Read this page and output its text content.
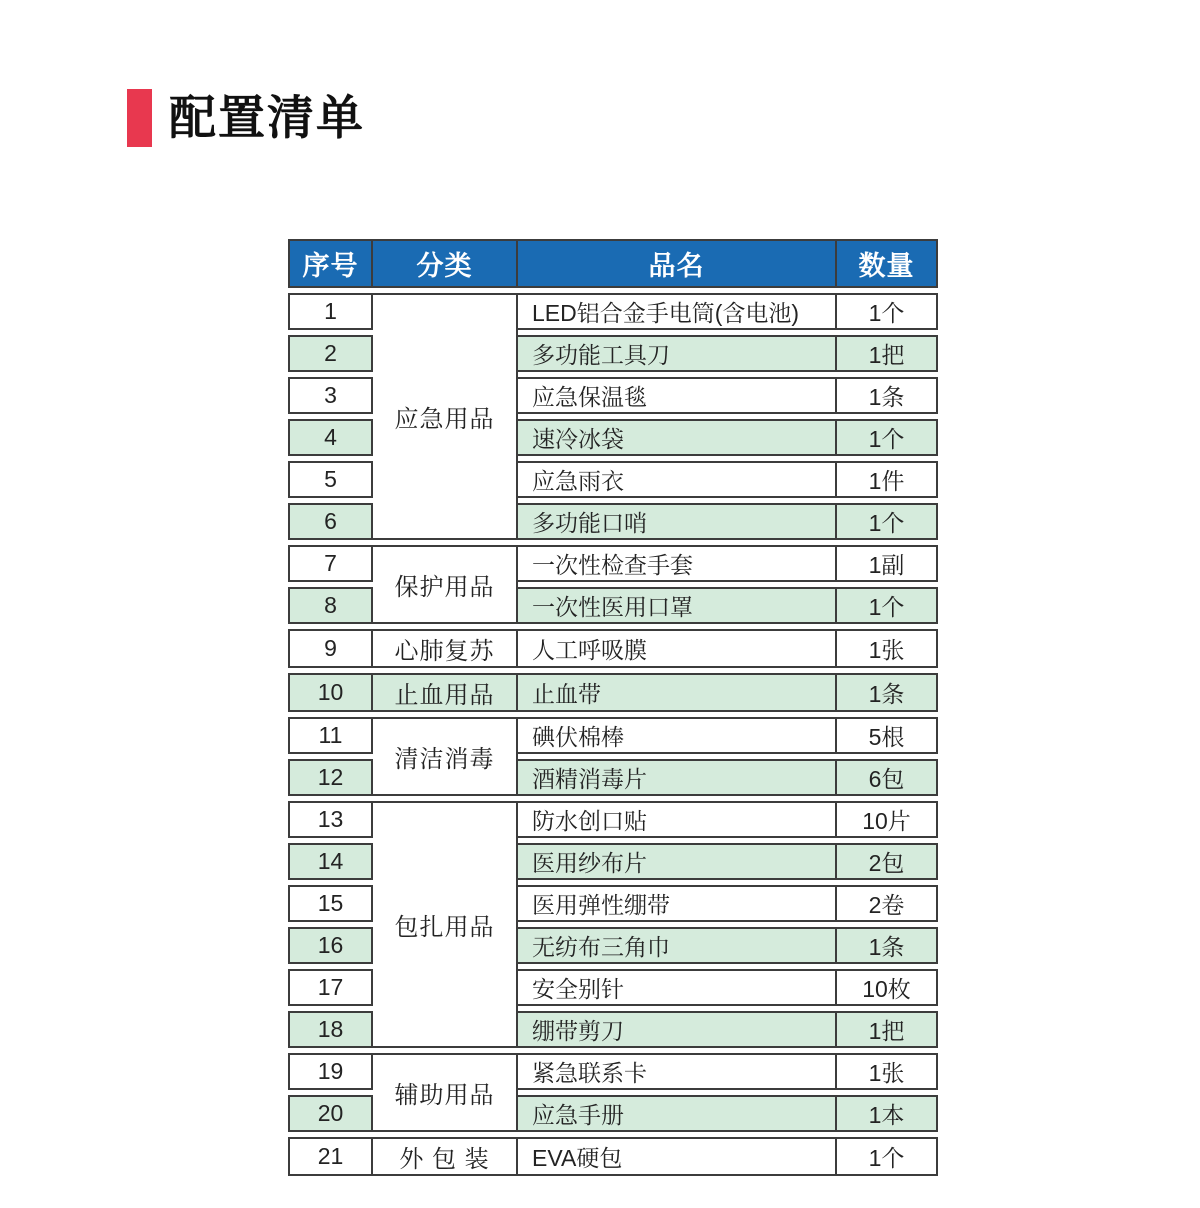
配置清单
序号	分类	品名	数量
1	应急用品	LED铝合金手电筒(含电池)	1个
2		多功能工具刀	1把
3		应急保温毯	1条
4		速冷冰袋	1个
5		应急雨衣	1件
6		多功能口哨	1个
7	保护用品	一次性检查手套	1副
8		一次性医用口罩	1个
9	心肺复苏	人工呼吸膜	1张
10	止血用品	止血带	1条
11	清洁消毒	碘伏棉棒	5根
12		酒精消毒片	6包
13	包扎用品	防水创口贴	10片
14		医用纱布片	2包
15		医用弹性绷带	2卷
16		无纺布三角巾	1条
17		安全别针	10枚
18		绷带剪刀	1把
19	辅助用品	紧急联系卡	1张
20		应急手册	1本
21	外 包 装	EVA硬包	1个
